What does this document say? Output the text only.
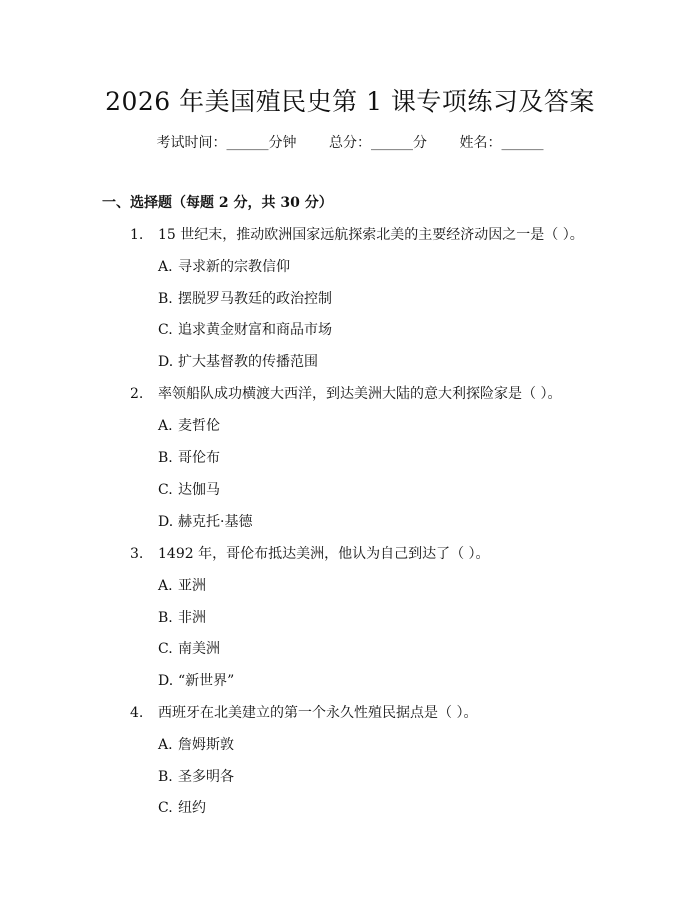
2026 年美国殖民史第 1 课专项练习及答案
考试时间：______分钟 总分：______分 姓名：______
一、选择题（每题 2 分，共 30 分）
1. 15 世纪末，推动欧洲国家远航探索北美的主要经济动因之一是（ ）。
A. 寻求新的宗教信仰
B. 摆脱罗马教廷的政治控制
C. 追求黄金财富和商品市场
D. 扩大基督教的传播范围
2. 率领船队成功横渡大西洋，到达美洲大陆的意大利探险家是（ ）。
A. 麦哲伦
B. 哥伦布
C. 达伽马
D. 赫克托·基德
3. 1492 年，哥伦布抵达美洲，他认为自己到达了（ ）。
A. 亚洲
B. 非洲
C. 南美洲
D. “新世界”
4. 西班牙在北美建立的第一个永久性殖民据点是（ ）。
A. 詹姆斯敦
B. 圣多明各
C. 纽约
